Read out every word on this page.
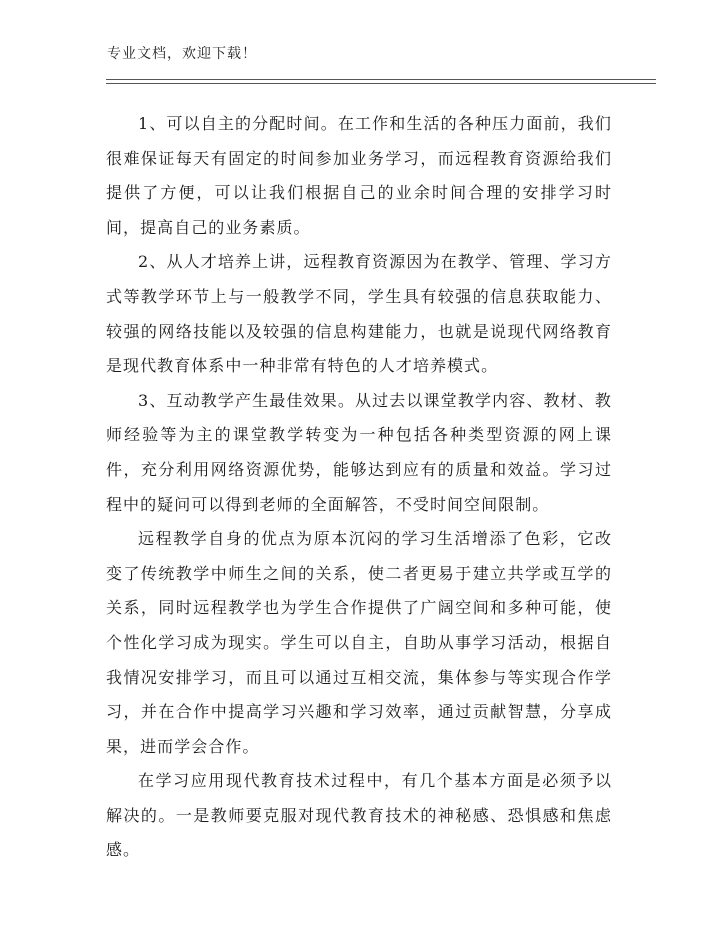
专业文档，欢迎下载！

1、可以自主的分配时间。在工作和生活的各种压力面前，我们很难保证每天有固定的时间参加业务学习，而远程教育资源给我们提供了方便，可以让我们根据自己的业余时间合理的安排学习时间，提高自己的业务素质。

2、从人才培养上讲，远程教育资源因为在教学、管理、学习方式等教学环节上与一般教学不同，学生具有较强的信息获取能力、较强的网络技能以及较强的信息构建能力，也就是说现代网络教育是现代教育体系中一种非常有特色的人才培养模式。

3、互动教学产生最佳效果。从过去以课堂教学内容、教材、教师经验等为主的课堂教学转变为一种包括各种类型资源的网上课件，充分利用网络资源优势，能够达到应有的质量和效益。学习过程中的疑问可以得到老师的全面解答，不受时间空间限制。

远程教学自身的优点为原本沉闷的学习生活增添了色彩，它改变了传统教学中师生之间的关系，使二者更易于建立共学或互学的关系，同时远程教学也为学生合作提供了广阔空间和多种可能，使个性化学习成为现实。学生可以自主，自助从事学习活动，根据自我情况安排学习，而且可以通过互相交流，集体参与等实现合作学习，并在合作中提高学习兴趣和学习效率，通过贡献智慧，分享成果，进而学会合作。

在学习应用现代教育技术过程中，有几个基本方面是必须予以解决的。一是教师要克服对现代教育技术的神秘感、恐惧感和焦虑感。
